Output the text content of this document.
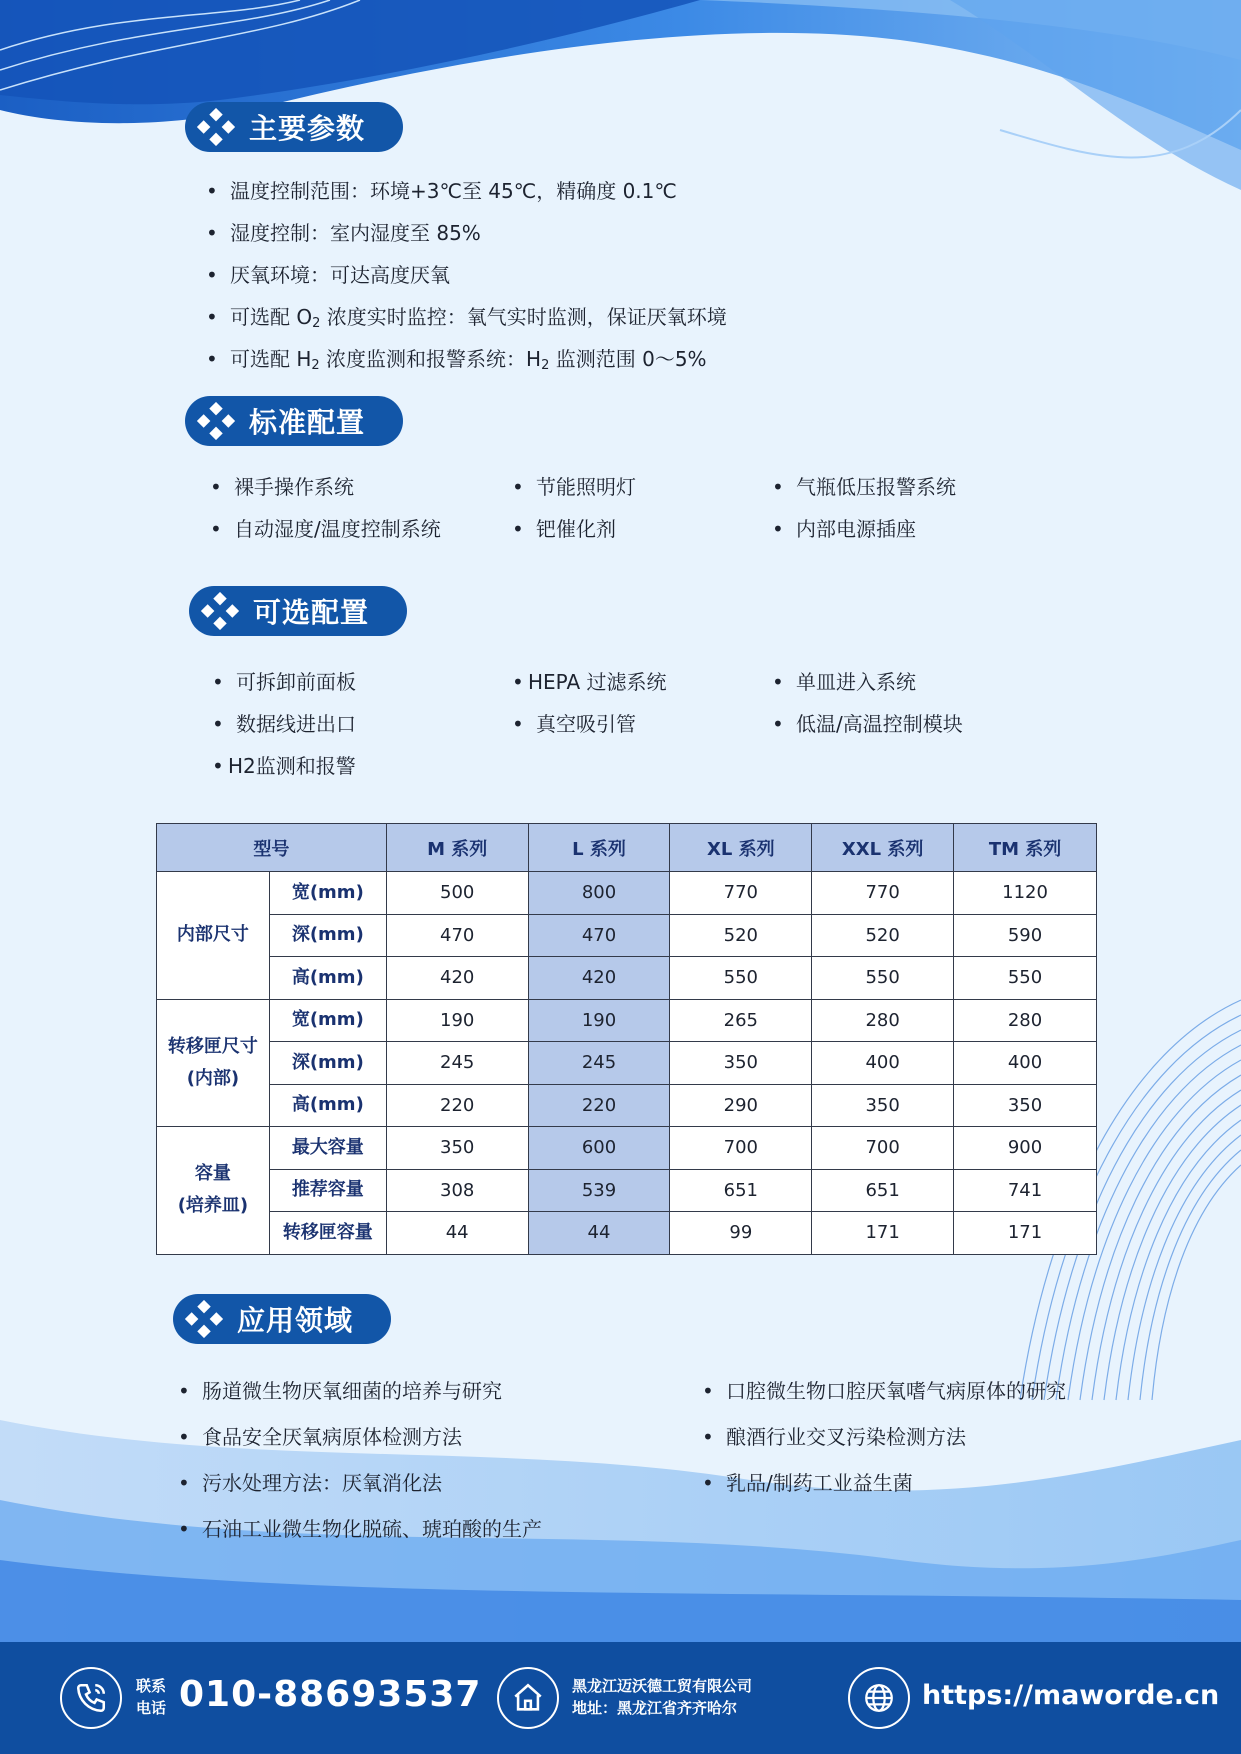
主要参数
• 温度控制范围：环境+3℃至 45℃，精确度 0.1℃
• 湿度控制：室内湿度至 85%
• 厌氧环境：可达高度厌氧
• 可选配 $O_2$ 浓度实时监控：氧气实时监测，保证厌氧环境
• 可选配 $H_2$ 浓度监测和报警系统：$H_2$ 监测范围 0～5%
标准配置
• 裸手操作系统	• 节能照明灯	• 气瓶低压报警系统
• 自动湿度/温度控制系统	• 钯催化剂	• 内部电源插座
可选配置
• 可拆卸前面板	• HEPA 过滤系统	• 单皿进入系统
• 数据线进出口	• 真空吸引管	• 低温/高温控制模块
• H2监测和报警
型号		M 系列	L 系列	XL 系列	XXL 系列	TM 系列
内部尺寸	宽(mm)	500	800	770	770	1120
	深(mm)	470	470	520	520	590
	高(mm)	420	420	550	550	550
转移匣尺寸
(内部)	宽(mm)	190	190	265	280	280
	深(mm)	245	245	350	400	400
	高(mm)	220	220	290	350	350
容量
(培养皿)	最大容量	350	600	700	700	900
	推荐容量	308	539	651	651	741
	转移匣容量	44	44	99	171	171
应用领域
• 肠道微生物厌氧细菌的培养与研究
• 食品安全厌氧病原体检测方法
• 污水处理方法：厌氧消化法
• 石油工业微生物化脱硫、琥珀酸的生产
• 口腔微生物口腔厌氧嗜气病原体的研究
• 酿酒行业交叉污染检测方法
• 乳品/制药工业益生菌
联系
电话 010-88693537	黑龙江迈沃德工贸有限公司
地址：黑龙江省齐齐哈尔	https://maworde.cn
